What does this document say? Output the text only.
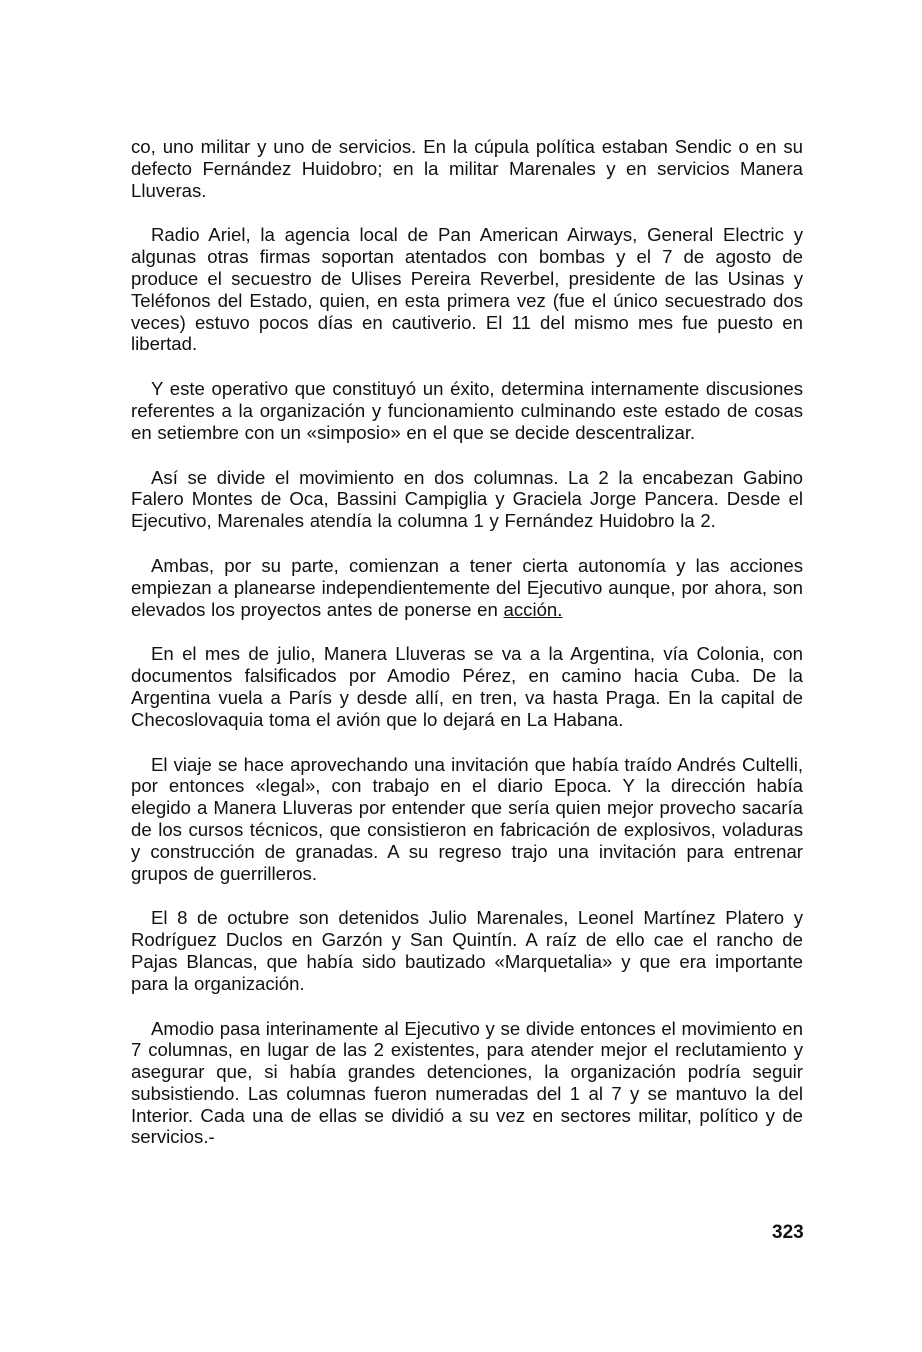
co, uno militar y uno de servicios. En la cúpula política estaban Sendic o en su defecto Fernández Huidobro; en la militar Marenales y en servicios Manera Lluveras.

Radio Ariel, la agencia local de Pan American Airways, General Electric y algunas otras firmas soportan atentados con bombas y el 7 de agosto de produce el secuestro de Ulises Pereira Reverbel, presidente de las Usinas y Teléfonos del Estado, quien, en esta primera vez (fue el único secuestrado dos veces) estuvo pocos días en cautiverio. El 11 del mismo mes fue puesto en libertad.

Y este operativo que constituyó un éxito, determina internamente discusiones referentes a la organización y funcionamiento culminando este estado de cosas en setiembre con un «simposio» en el que se decide descentralizar.

Así se divide el movimiento en dos columnas. La 2 la encabezan Gabino Falero Montes de Oca, Bassini Campiglia y Graciela Jorge Pancera. Desde el Ejecutivo, Marenales atendía la columna 1 y Fernández Huidobro la 2.

Ambas, por su parte, comienzan a tener cierta autonomía y las acciones empiezan a planearse independientemente del Ejecutivo aunque, por ahora, son elevados los proyectos antes de ponerse en acción.

En el mes de julio, Manera Lluveras se va a la Argentina, vía Colonia, con documentos falsificados por Amodio Pérez, en camino hacia Cuba. De la Argentina vuela a París y desde allí, en tren, va hasta Praga. En la capital de Checoslovaquia toma el avión que lo dejará en La Habana.

El viaje se hace aprovechando una invitación que había traído Andrés Cultelli, por entonces «legal», con trabajo en el diario Epoca. Y la dirección había elegido a Manera Lluveras por entender que sería quien mejor provecho sacaría de los cursos técnicos, que consistieron en fabricación de explosivos, voladuras y construcción de granadas. A su regreso trajo una invitación para entrenar grupos de guerrilleros.

El 8 de octubre son detenidos Julio Marenales, Leonel Martínez Platero y Rodríguez Duclos en Garzón y San Quintín. A raíz de ello cae el rancho de Pajas Blancas, que había sido bautizado «Marquetalia» y que era importante para la organización.

Amodio pasa interinamente al Ejecutivo y se divide entonces el movimiento en 7 columnas, en lugar de las 2 existentes, para atender mejor el reclutamiento y asegurar que, si había grandes detenciones, la organización podría seguir subsistiendo. Las columnas fueron numeradas del 1 al 7 y se mantuvo la del Interior. Cada una de ellas se dividió a su vez en sectores militar, político y de servicios.-

323
